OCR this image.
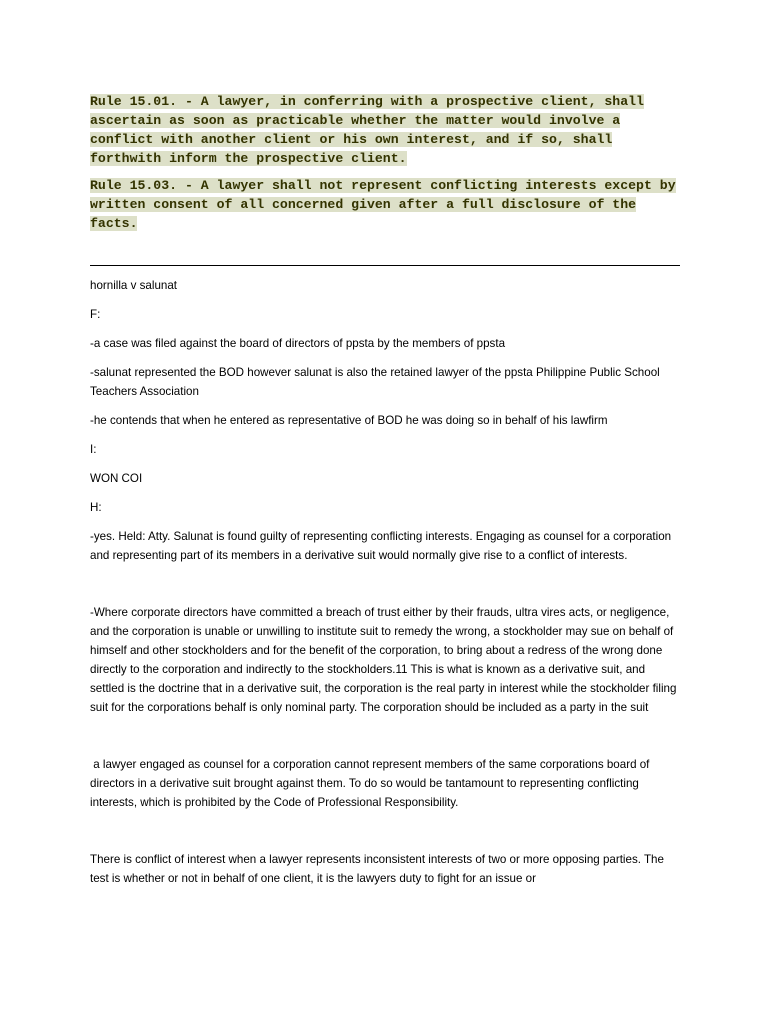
Rule 15.01. - A lawyer, in conferring with a prospective client, shall ascertain as soon as practicable whether the matter would involve a conflict with another client or his own interest, and if so, shall forthwith inform the prospective client.

Rule 15.03. - A lawyer shall not represent conflicting interests except by written consent of all concerned given after a full disclosure of the facts.

hornilla v salunat

F:

-a case was filed against the board of directors of ppsta by the members of ppsta

-salunat represented the BOD however salunat is also the retained lawyer of the ppsta Philippine Public School Teachers Association

-he contends that when he entered as representative of BOD he was doing so in behalf of his lawfirm

I:

WON COI

H:

-yes. Held: Atty. Salunat is found guilty of representing conflicting interests. Engaging as counsel for a corporation and representing part of its members in a derivative suit would normally give rise to a conflict of interests.

-Where corporate directors have committed a breach of trust either by their frauds, ultra vires acts, or negligence, and the corporation is unable or unwilling to institute suit to remedy the wrong, a stockholder may sue on behalf of himself and other stockholders and for the benefit of the corporation, to bring about a redress of the wrong done directly to the corporation and indirectly to the stockholders.11 This is what is known as a derivative suit, and settled is the doctrine that in a derivative suit, the corporation is the real party in interest while the stockholder filing suit for the corporations behalf is only nominal party. The corporation should be included as a party in the suit

a lawyer engaged as counsel for a corporation cannot represent members of the same corporations board of directors in a derivative suit brought against them. To do so would be tantamount to representing conflicting interests, which is prohibited by the Code of Professional Responsibility.

There is conflict of interest when a lawyer represents inconsistent interests of two or more opposing parties. The test is whether or not in behalf of one client, it is the lawyers duty to fight for an issue or
